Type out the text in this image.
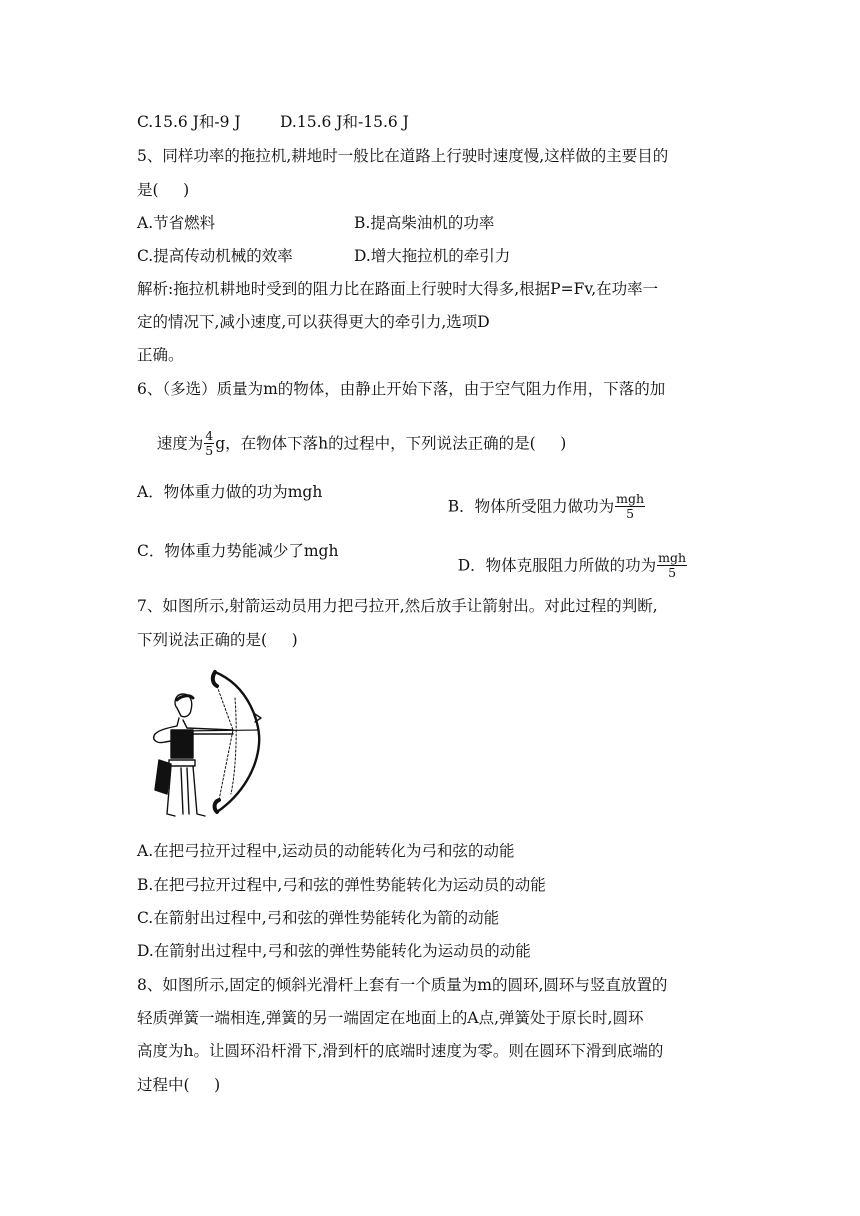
C.15.6 J和-9 J        D.15.6 J和-15.6 J
5、同样功率的拖拉机,耕地时一般比在道路上行驶时速度慢,这样做的主要目的
是(     )
A.节省燃料	B.提高柴油机的功率
C.提高传动机械的效率	D.增大拖拉机的牵引力
解析:拖拉机耕地时受到的阻力比在路面上行驶时大得多,根据P=Fv,在功率一
定的情况下,减小速度,可以获得更大的牵引力,选项D
正确。
6、（多选）质量为m的物体，由静止开始下落，由于空气阻力作用，下落的加

速度为 $\frac{4}{5}$ g，在物体下落h的过程中，下列说法正确的是(     )

A．物体重力做的功为mgh

B．物体所受阻力做功为 $\frac{\text{mgh}}{5}$

C．物体重力势能减少了mgh

D．物体克服阻力所做的功为 $\frac{\text{mgh}}{5}$

7、如图所示,射箭运动员用力把弓拉开,然后放手让箭射出。对此过程的判断,
下列说法正确的是(     )
A.在把弓拉开过程中,运动员的动能转化为弓和弦的动能
B.在把弓拉开过程中,弓和弦的弹性势能转化为运动员的动能
C.在箭射出过程中,弓和弦的弹性势能转化为箭的动能
D.在箭射出过程中,弓和弦的弹性势能转化为运动员的动能
8、如图所示,固定的倾斜光滑杆上套有一个质量为m的圆环,圆环与竖直放置的
轻质弹簧一端相连,弹簧的另一端固定在地面上的A点,弹簧处于原长时,圆环
高度为h。让圆环沿杆滑下,滑到杆的底端时速度为零。则在圆环下滑到底端的
过程中(     )
